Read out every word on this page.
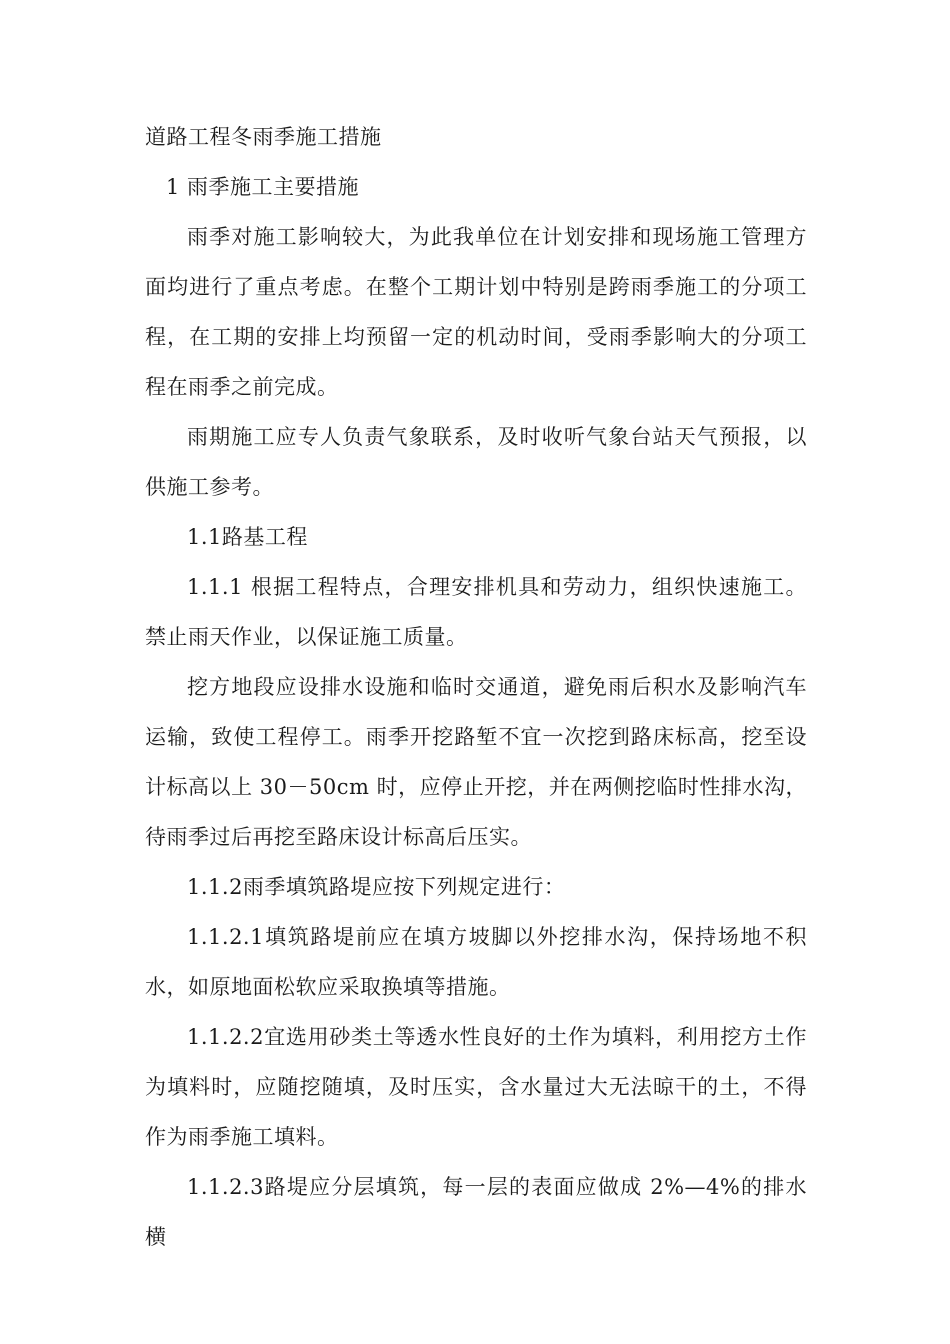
道路工程冬雨季施工措施

1 雨季施工主要措施

雨季对施工影响较大，为此我单位在计划安排和现场施工管理方面均进行了重点考虑。在整个工期计划中特别是跨雨季施工的分项工程，在工期的安排上均预留一定的机动时间，受雨季影响大的分项工程在雨季之前完成。

雨期施工应专人负责气象联系，及时收听气象台站天气预报，以供施工参考。

1.1路基工程

1.1.1 根据工程特点，合理安排机具和劳动力，组织快速施工。禁止雨天作业，以保证施工质量。

挖方地段应设排水设施和临时交通道，避免雨后积水及影响汽车运输，致使工程停工。雨季开挖路堑不宜一次挖到路床标高，挖至设计标高以上 30－50cm 时，应停止开挖，并在两侧挖临时性排水沟，待雨季过后再挖至路床设计标高后压实。

1.1.2雨季填筑路堤应按下列规定进行：

1.1.2.1填筑路堤前应在填方坡脚以外挖排水沟，保持场地不积水，如原地面松软应采取换填等措施。

1.1.2.2宜选用砂类土等透水性良好的土作为填料，利用挖方土作为填料时，应随挖随填，及时压实，含水量过大无法晾干的土，不得作为雨季施工填料。

1.1.2.3路堤应分层填筑，每一层的表面应做成 2%—4%的排水横
